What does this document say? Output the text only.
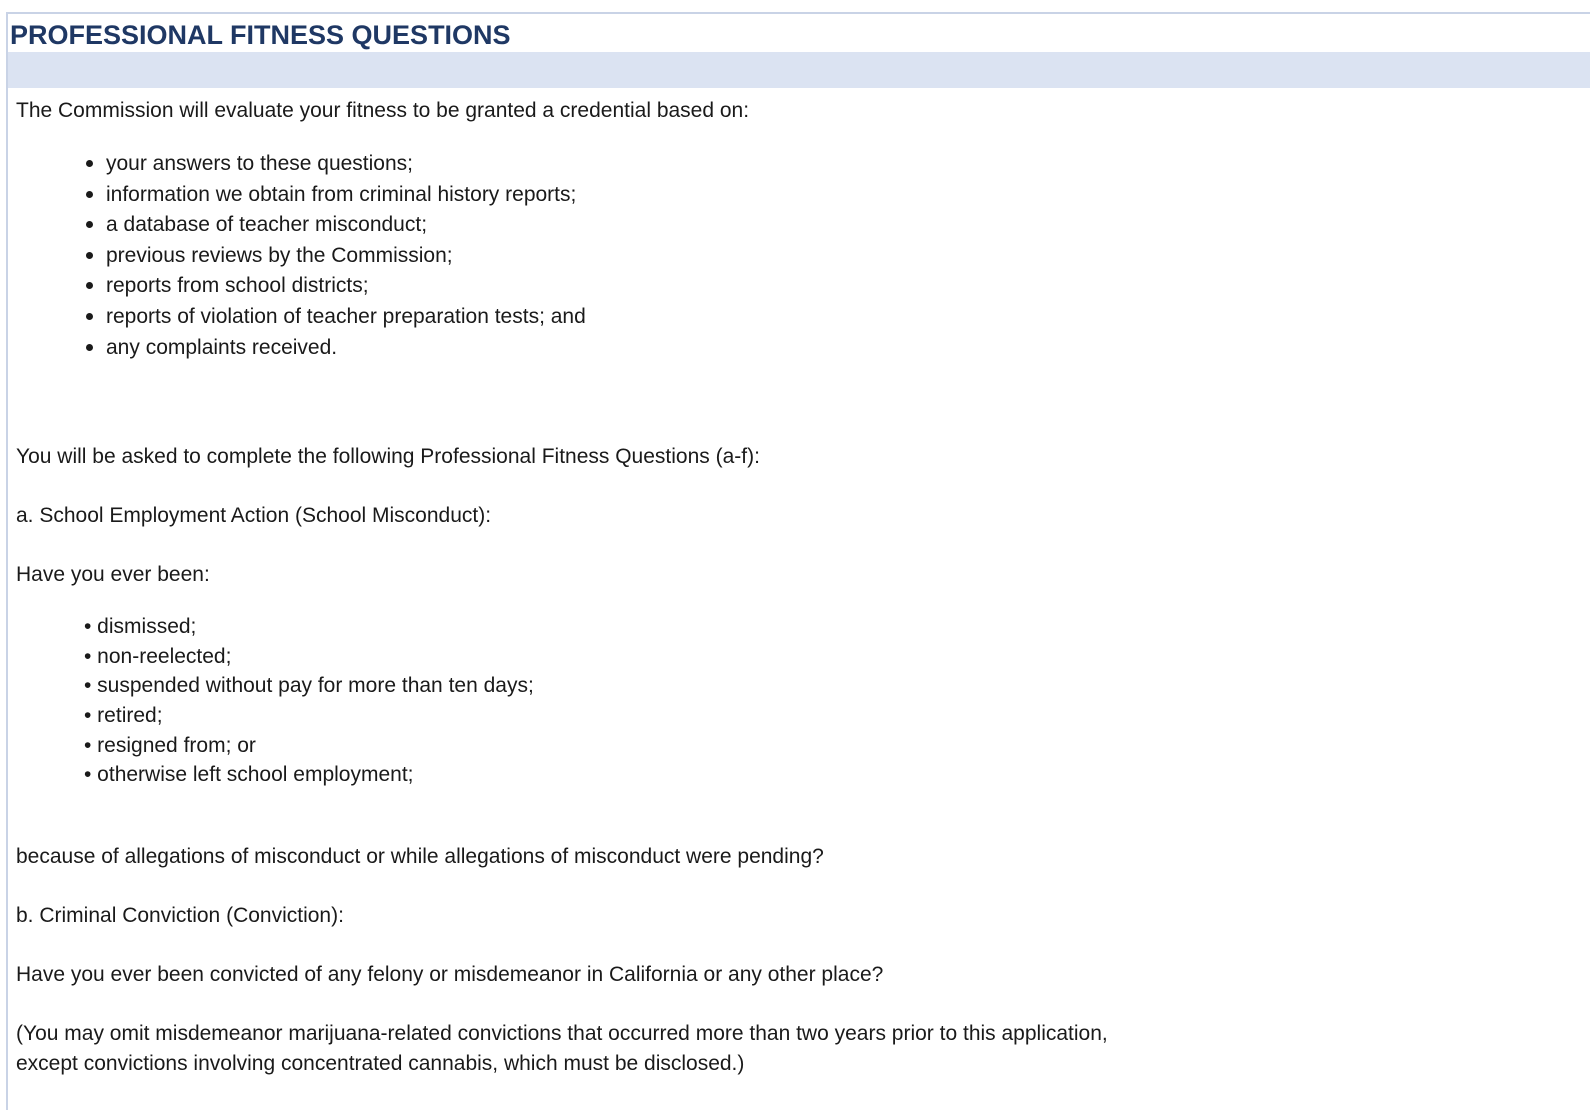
PROFESSIONAL FITNESS QUESTIONS

The Commission will evaluate your fitness to be granted a credential based on:

• your answers to these questions;
• information we obtain from criminal history reports;
• a database of teacher misconduct;
• previous reviews by the Commission;
• reports from school districts;
• reports of violation of teacher preparation tests; and
• any complaints received.

You will be asked to complete the following Professional Fitness Questions (a-f):

a. School Employment Action (School Misconduct):

Have you ever been:

• dismissed;
• non-reelected;
• suspended without pay for more than ten days;
• retired;
• resigned from; or
• otherwise left school employment;

because of allegations of misconduct or while allegations of misconduct were pending?

b. Criminal Conviction (Conviction):

Have you ever been convicted of any felony or misdemeanor in California or any other place?

(You may omit misdemeanor marijuana-related convictions that occurred more than two years prior to this application,

except convictions involving concentrated cannabis, which must be disclosed.)
